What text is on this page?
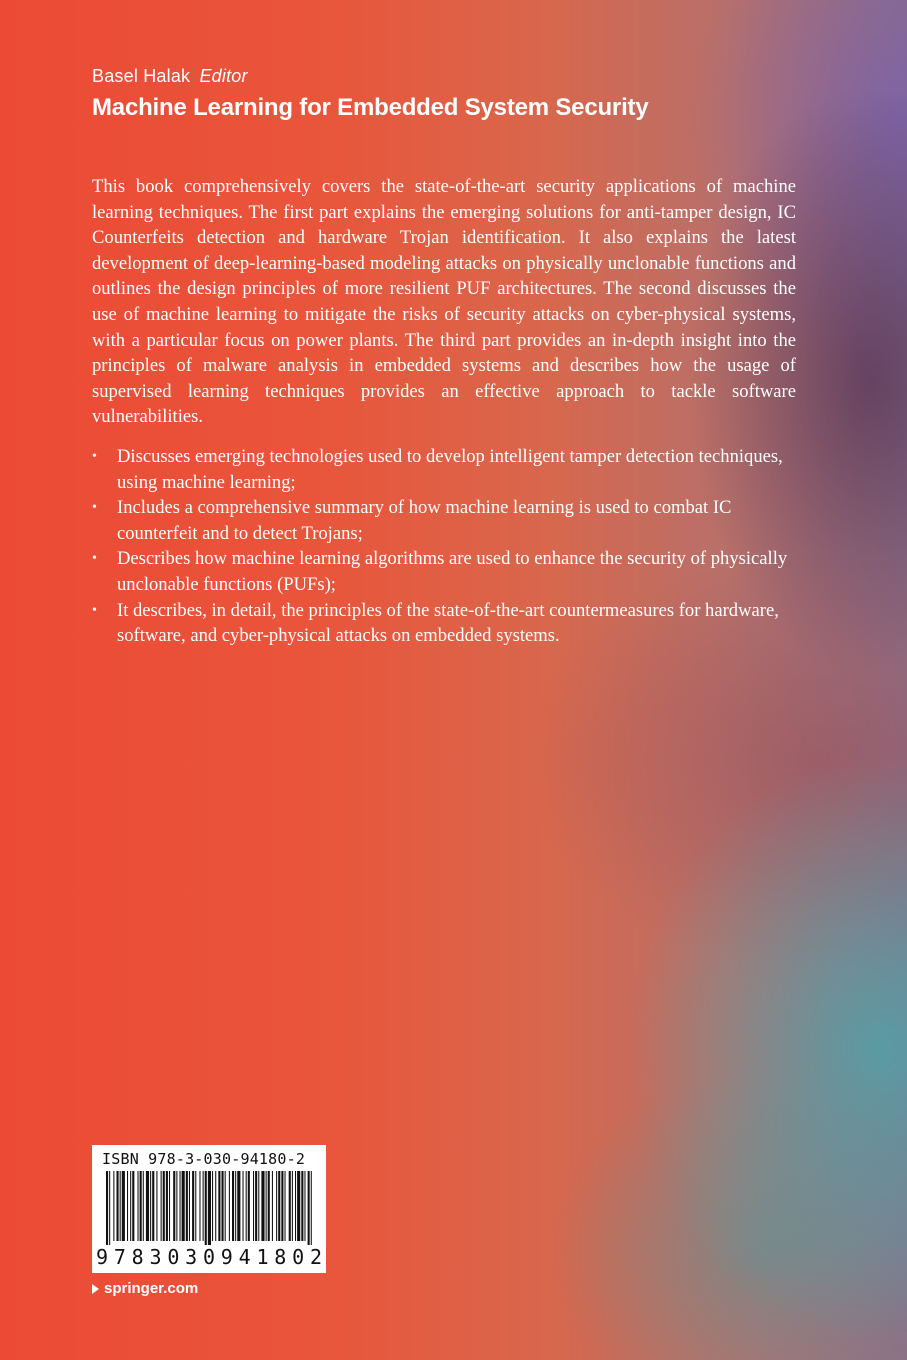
Basel Halak Editor
Machine Learning for Embedded System Security

This book comprehensively covers the state-of-the-art security applications of machine learning techniques. The first part explains the emerging solutions for anti-tamper design, IC Counterfeits detection and hardware Trojan identification. It also explains the latest development of deep-learning-based modeling attacks on physically unclonable functions and outlines the design principles of more resilient PUF architectures. The second discusses the use of machine learning to mitigate the risks of security attacks on cyber-physical systems, with a particular focus on power plants. The third part provides an in-depth insight into the principles of malware analysis in embedded systems and describes how the usage of supervised learning techniques provides an effective approach to tackle software vulnerabilities.

• Discusses emerging technologies used to develop intelligent tamper detection techniques, using machine learning;
• Includes a comprehensive summary of how machine learning is used to combat IC counterfeit and to detect Trojans;
• Describes how machine learning algorithms are used to enhance the security of physically unclonable functions (PUFs);
• It describes, in detail, the principles of the state-of-the-art countermeasures for hardware, software, and cyber-physical attacks on embedded systems.
ISBN 978-3-030-94180-2
9 7 8 3 0 3 0 9 4 1 8 0 2
springer.com
